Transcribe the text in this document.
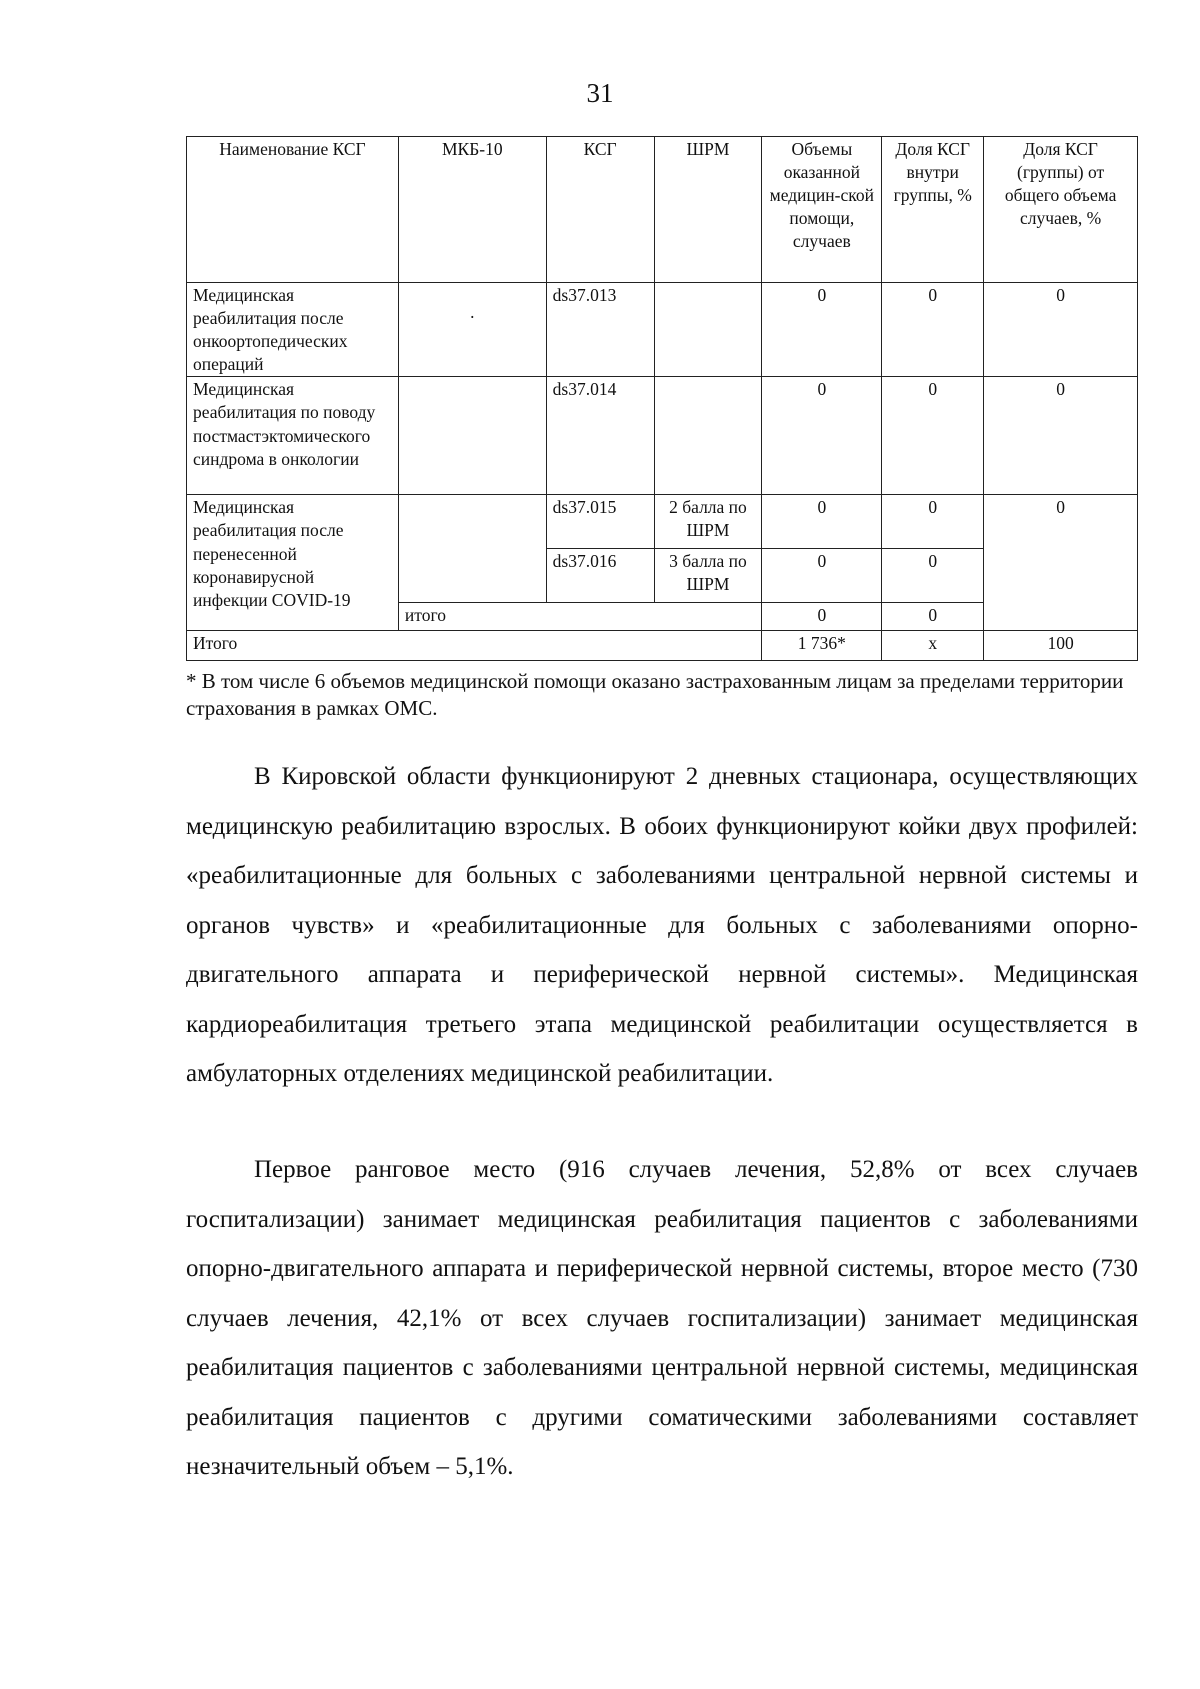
31
Наименование КСГ	МКБ-10	КСГ	ШРМ	Объемы оказанной медицин-ской помощи, случаев	Доля КСГ внутри группы, %	Доля КСГ (группы) от общего объема случаев, %
Медицинская реабилитация после онкоортопедических операций	·	ds37.013		0	0	0
Медицинская реабилитация по поводу постмастэктомического синдрома в онкологии		ds37.014		0	0	0
Медицинская реабилитация после перенесенной коронавирусной инфекции COVID-19		ds37.015	2 балла по ШРМ	0	0	0
		ds37.016	3 балла по ШРМ	0	0	
	итого			0	0	
Итого				1 736*	х	100
* В том числе 6 объемов медицинской помощи оказано застрахованным лицам за пределами территории страхования в рамках ОМС.

В Кировской области функционируют 2 дневных стационара, осуществляющих медицинскую реабилитацию взрослых. В обоих функционируют койки двух профилей: «реабилитационные для больных с заболеваниями центральной нервной системы и органов чувств» и «реабилитационные для больных с заболеваниями опорно-двигательного аппарата и периферической нервной системы». Медицинская кардиореабилитация третьего этапа медицинской реабилитации осуществляется в амбулаторных отделениях медицинской реабилитации.

Первое ранговое место (916 случаев лечения, 52,8% от всех случаев госпитализации) занимает медицинская реабилитация пациентов с заболеваниями опорно-двигательного аппарата и периферической нервной системы, второе место (730 случаев лечения, 42,1% от всех случаев госпитализации) занимает медицинская реабилитация пациентов с заболеваниями центральной нервной системы, медицинская реабилитация пациентов с другими соматическими заболеваниями составляет незначительный объем – 5,1%.
